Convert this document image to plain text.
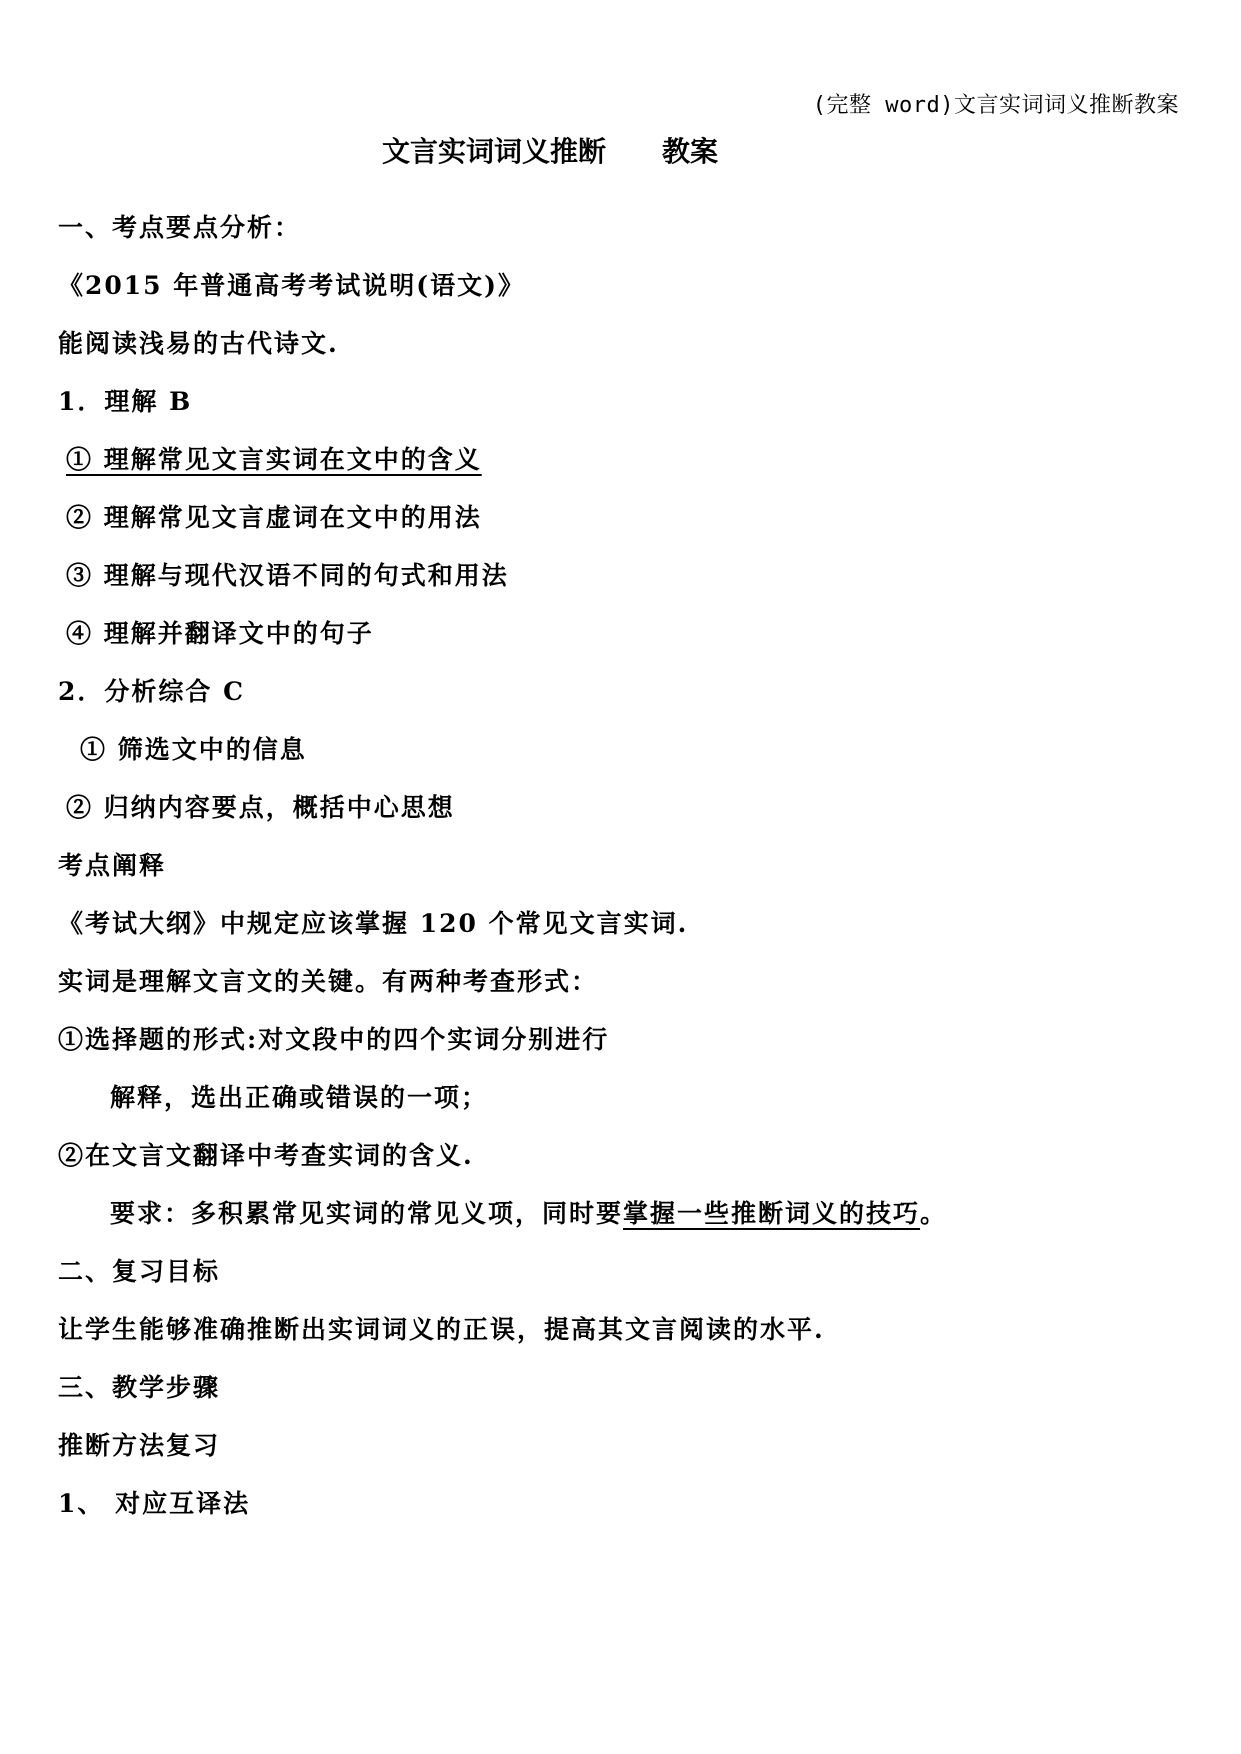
(完整 word)文言实词词义推断教案
文言实词词义推断 教案
一、考点要点分析：
《2015 年普通高考考试说明(语文)》
能阅读浅易的古代诗文.
1．理解 B
① 理解常见文言实词在文中的含义
② 理解常见文言虚词在文中的用法
③ 理解与现代汉语不同的句式和用法
④ 理解并翻译文中的句子
2．分析综合 C
① 筛选文中的信息
② 归纳内容要点，概括中心思想
考点阐释
《考试大纲》中规定应该掌握 120 个常见文言实词.
实词是理解文言文的关键。有两种考查形式：
①选择题的形式:对文段中的四个实词分别进行
解释，选出正确或错误的一项；
②在文言文翻译中考查实词的含义.
要求：多积累常见实词的常见义项，同时要掌握一些推断词义的技巧。
二、复习目标
让学生能够准确推断出实词词义的正误，提高其文言阅读的水平.
三、教学步骤
推断方法复习
1、 对应互译法
